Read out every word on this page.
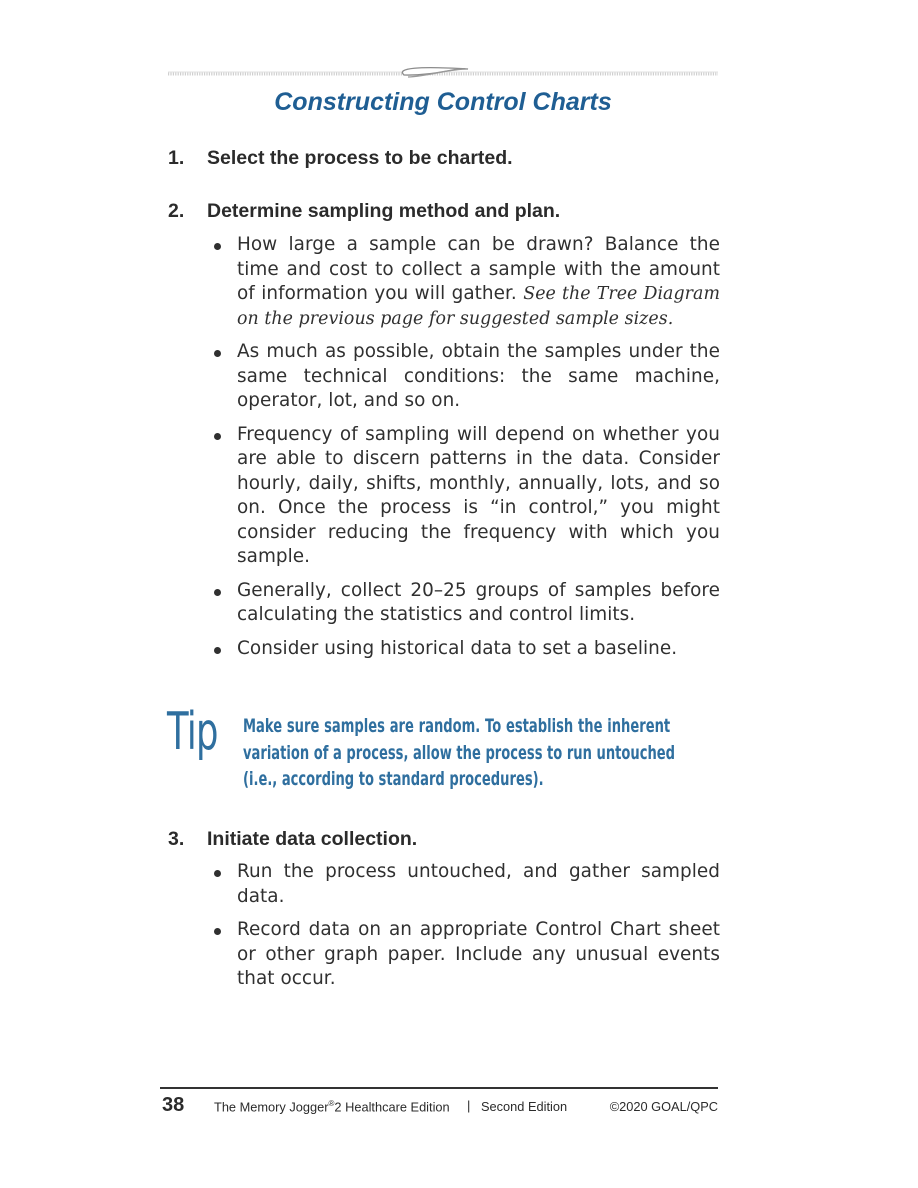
Constructing Control Charts
1.	Select the process to be charted.
2.	Determine sampling method and plan.
How large a sample can be drawn? Balance the time and cost to collect a sample with the amount of information you will gather. See the Tree Diagram on the previous page for suggested sample sizes.
As much as possible, obtain the samples under the same technical conditions: the same machine, operator, lot, and so on.
Frequency of sampling will depend on whether you are able to discern patterns in the data. Consider hourly, daily, shifts, monthly, annually, lots, and so on. Once the process is “in control,” you might consider reducing the frequency with which you sample.
Generally, collect 20–25 groups of samples before calculating the statistics and control limits.
Consider using historical data to set a baseline.
Tip Make sure samples are random. To establish the inherent
variation of a process, allow the process to run untouched
(i.e., according to standard procedures).
3.	Initiate data collection.
Run the process untouched, and gather sampled data.
Record data on an appropriate Control Chart sheet or other graph paper. Include any unusual events that occur.
38 The Memory Jogger®2 Healthcare Edition | Second Edition	©2020 GOAL/QPC
